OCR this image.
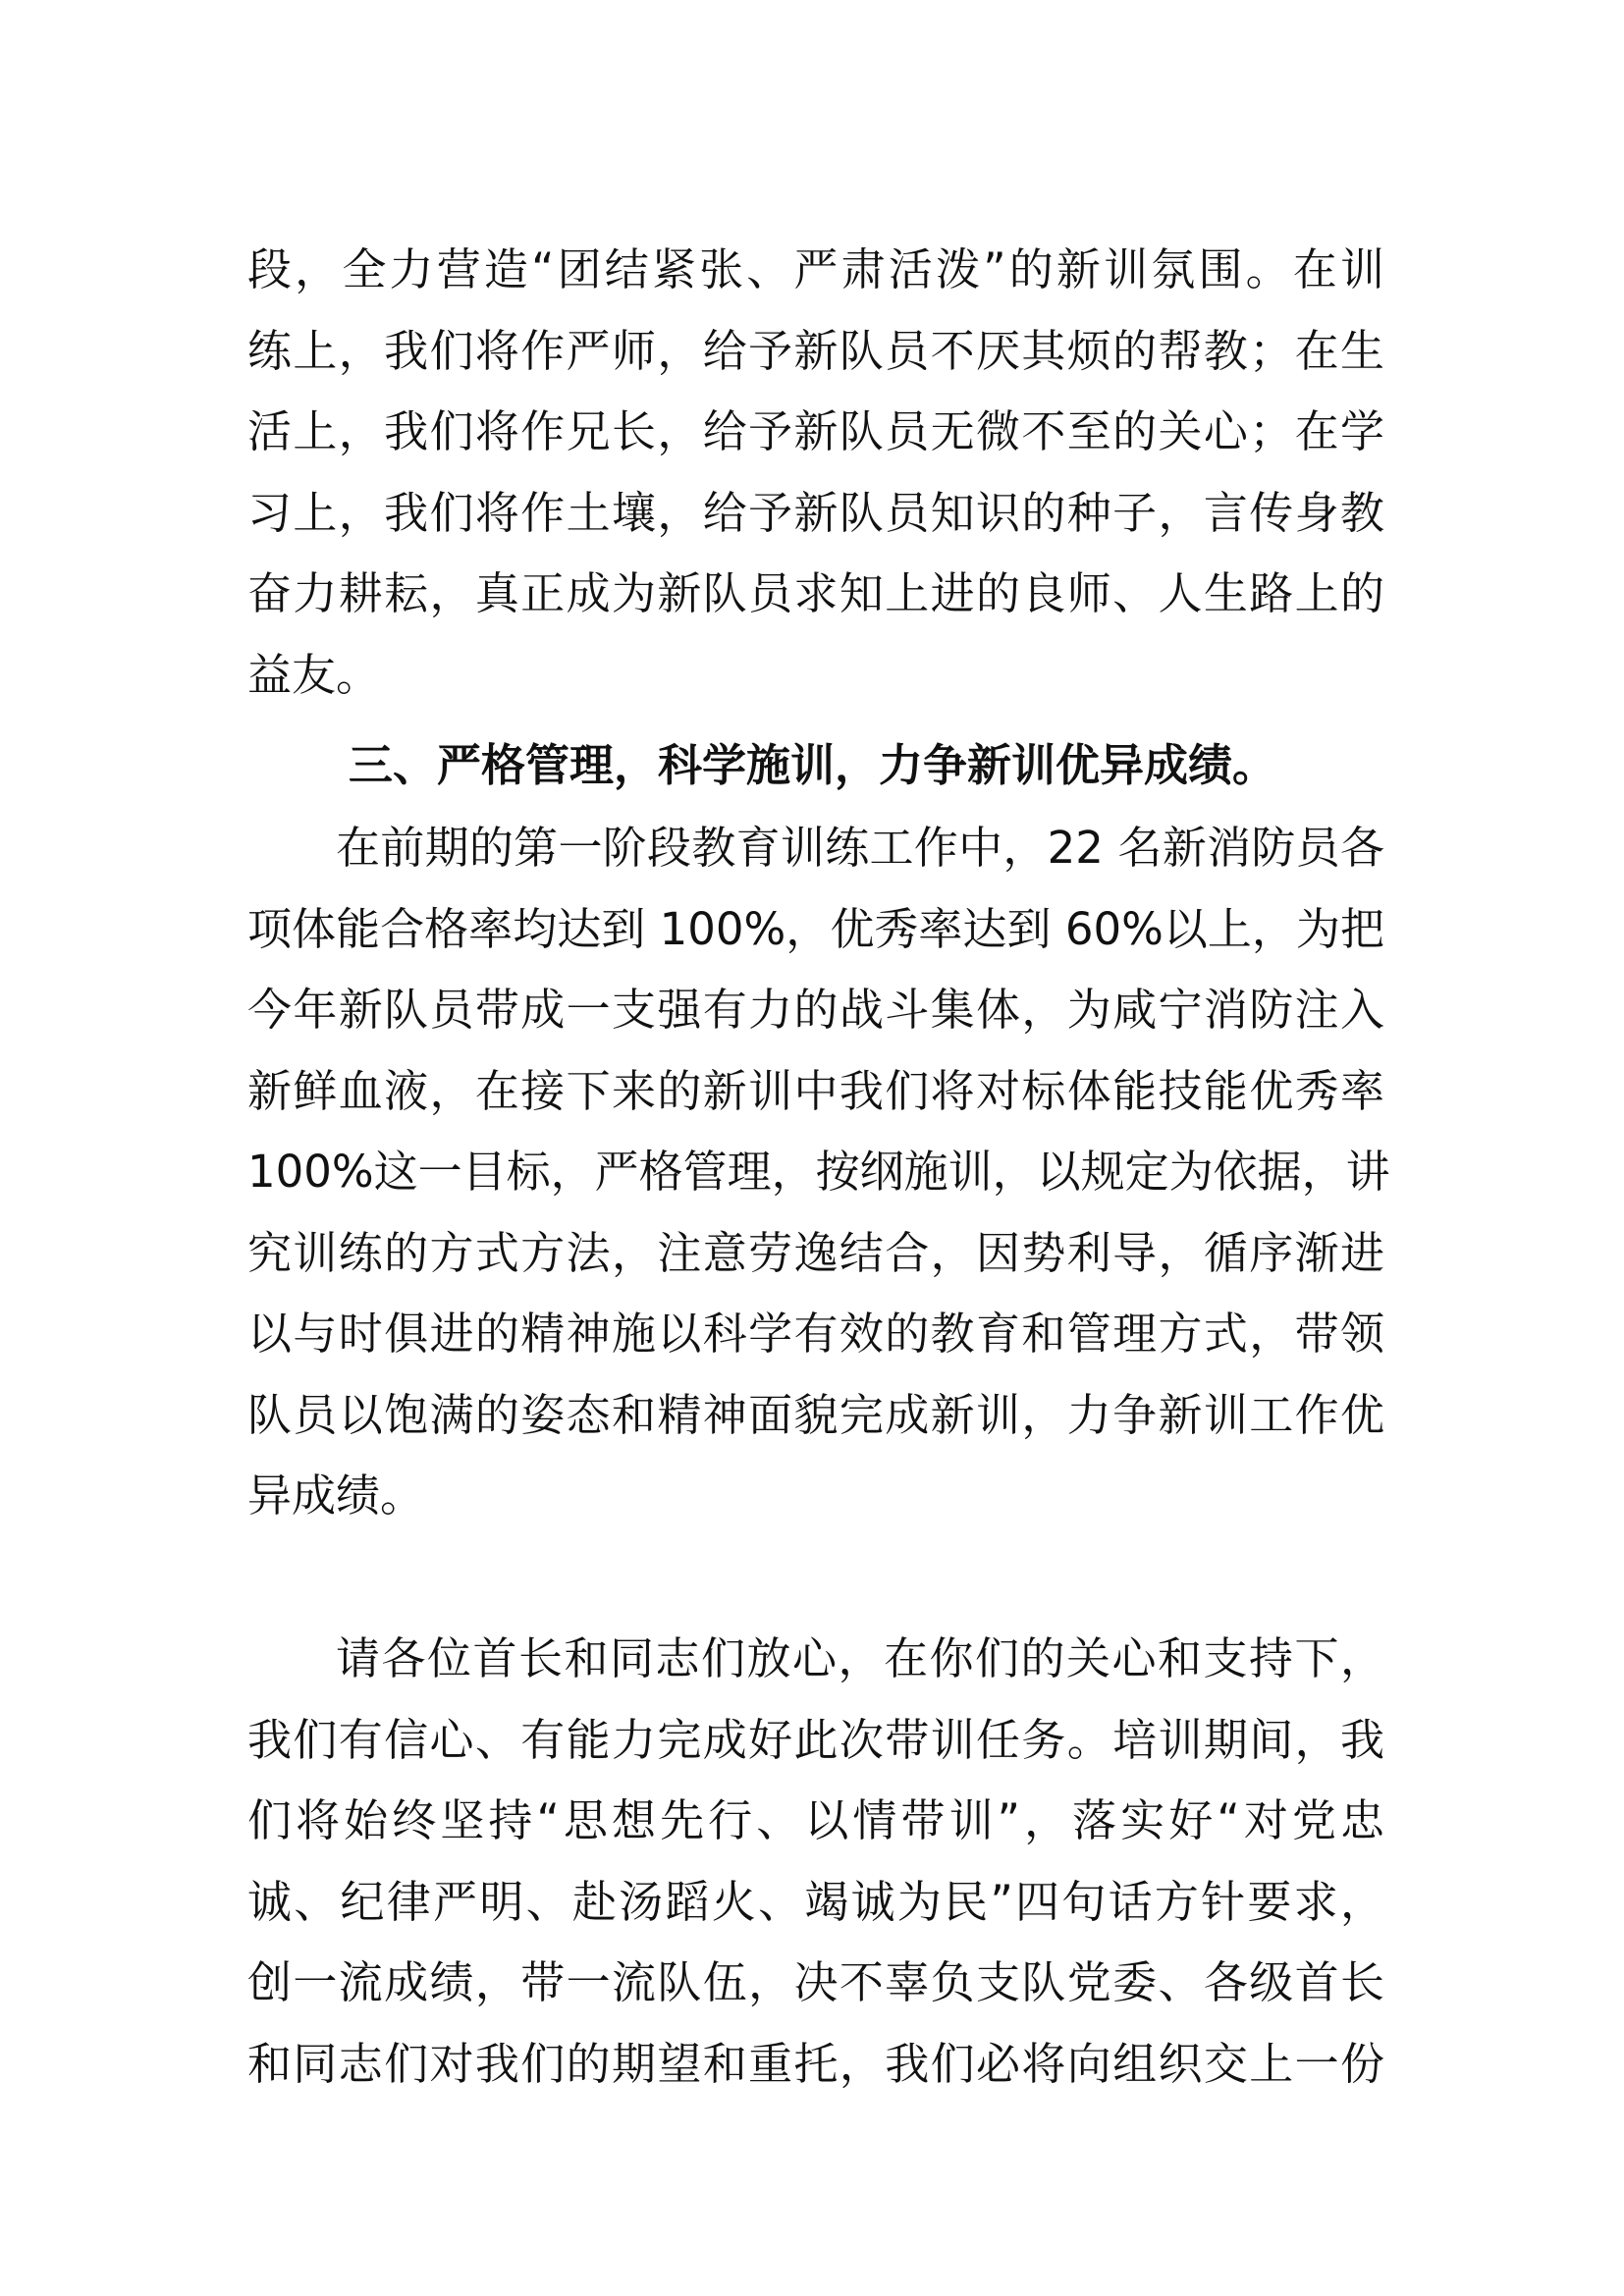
段，全力营造“团结紧张、严肃活泼”的新训氛围。在训
练上，我们将作严师，给予新队员不厌其烦的帮教；在生
活上，我们将作兄长，给予新队员无微不至的关心；在学
习上，我们将作土壤，给予新队员知识的种子，言传身教
奋力耕耘，真正成为新队员求知上进的良师、人生路上的
益友。
三、严格管理，科学施训，力争新训优异成绩。
在前期的第一阶段教育训练工作中，22 名新消防员各
项体能合格率均达到 100%，优秀率达到 60%以上，为把
今年新队员带成一支强有力的战斗集体，为咸宁消防注入
新鲜血液，在接下来的新训中我们将对标体能技能优秀率
100%这一目标，严格管理，按纲施训，以规定为依据，讲
究训练的方式方法，注意劳逸结合，因势利导，循序渐进
以与时俱进的精神施以科学有效的教育和管理方式，带领
队员以饱满的姿态和精神面貌完成新训，力争新训工作优
异成绩。
请各位首长和同志们放心，在你们的关心和支持下，
我们有信心、有能力完成好此次带训任务。培训期间，我
们将始终坚持“思想先行、以情带训”，落实好“对党忠
诚、纪律严明、赴汤蹈火、竭诚为民”四句话方针要求，
创一流成绩，带一流队伍，决不辜负支队党委、各级首长
和同志们对我们的期望和重托，我们必将向组织交上一份
